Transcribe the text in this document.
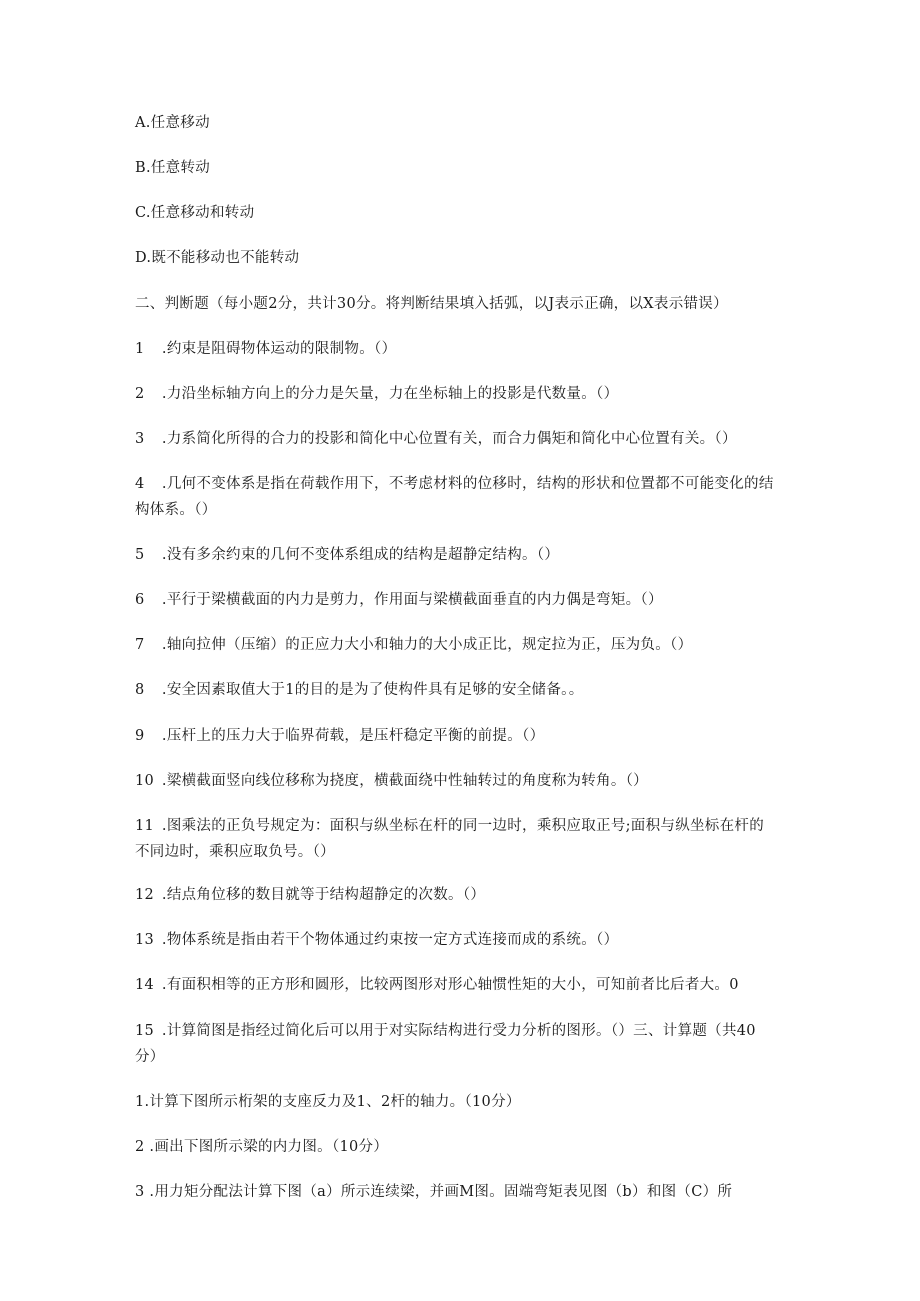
A.任意移动
B.任意转动
C.任意移动和转动
D.既不能移动也不能转动
二、判断题（每小题2分，共计30分。将判断结果填入括弧，以J表示正确，以X表示错误）
1 .约束是阻碍物体运动的限制物。（）
2 .力沿坐标轴方向上的分力是矢量，力在坐标轴上的投影是代数量。（）
3 .力系简化所得的合力的投影和简化中心位置有关，而合力偶矩和简化中心位置有关。（）
4 .几何不变体系是指在荷载作用下，不考虑材料的位移时，结构的形状和位置都不可能变化的结构体系。（）
5 .没有多余约束的几何不变体系组成的结构是超静定结构。（）
6 .平行于梁横截面的内力是剪力，作用面与梁横截面垂直的内力偶是弯矩。（）
7 .轴向拉伸（压缩）的正应力大小和轴力的大小成正比，规定拉为正，压为负。（）
8 .安全因素取值大于1的目的是为了使构件具有足够的安全储备。。
9 .压杆上的压力大于临界荷载，是压杆稳定平衡的前提。（）
10 .梁横截面竖向线位移称为挠度，横截面绕中性轴转过的角度称为转角。（）
11 .图乘法的正负号规定为：面积与纵坐标在杆的同一边时，乘积应取正号;面积与纵坐标在杆的不同边时，乘积应取负号。（）
12 .结点角位移的数目就等于结构超静定的次数。（）
13 .物体系统是指由若干个物体通过约束按一定方式连接而成的系统。（）
14 .有面积相等的正方形和圆形，比较两图形对形心轴惯性矩的大小，可知前者比后者大。0
15 .计算简图是指经过简化后可以用于对实际结构进行受力分析的图形。（）三、计算题（共40分）
1.计算下图所示桁架的支座反力及1、2杆的轴力。（10分）
2 .画出下图所示梁的内力图。（10分）
3 .用力矩分配法计算下图（a）所示连续梁，并画M图。固端弯矩表见图（b）和图（C）所
